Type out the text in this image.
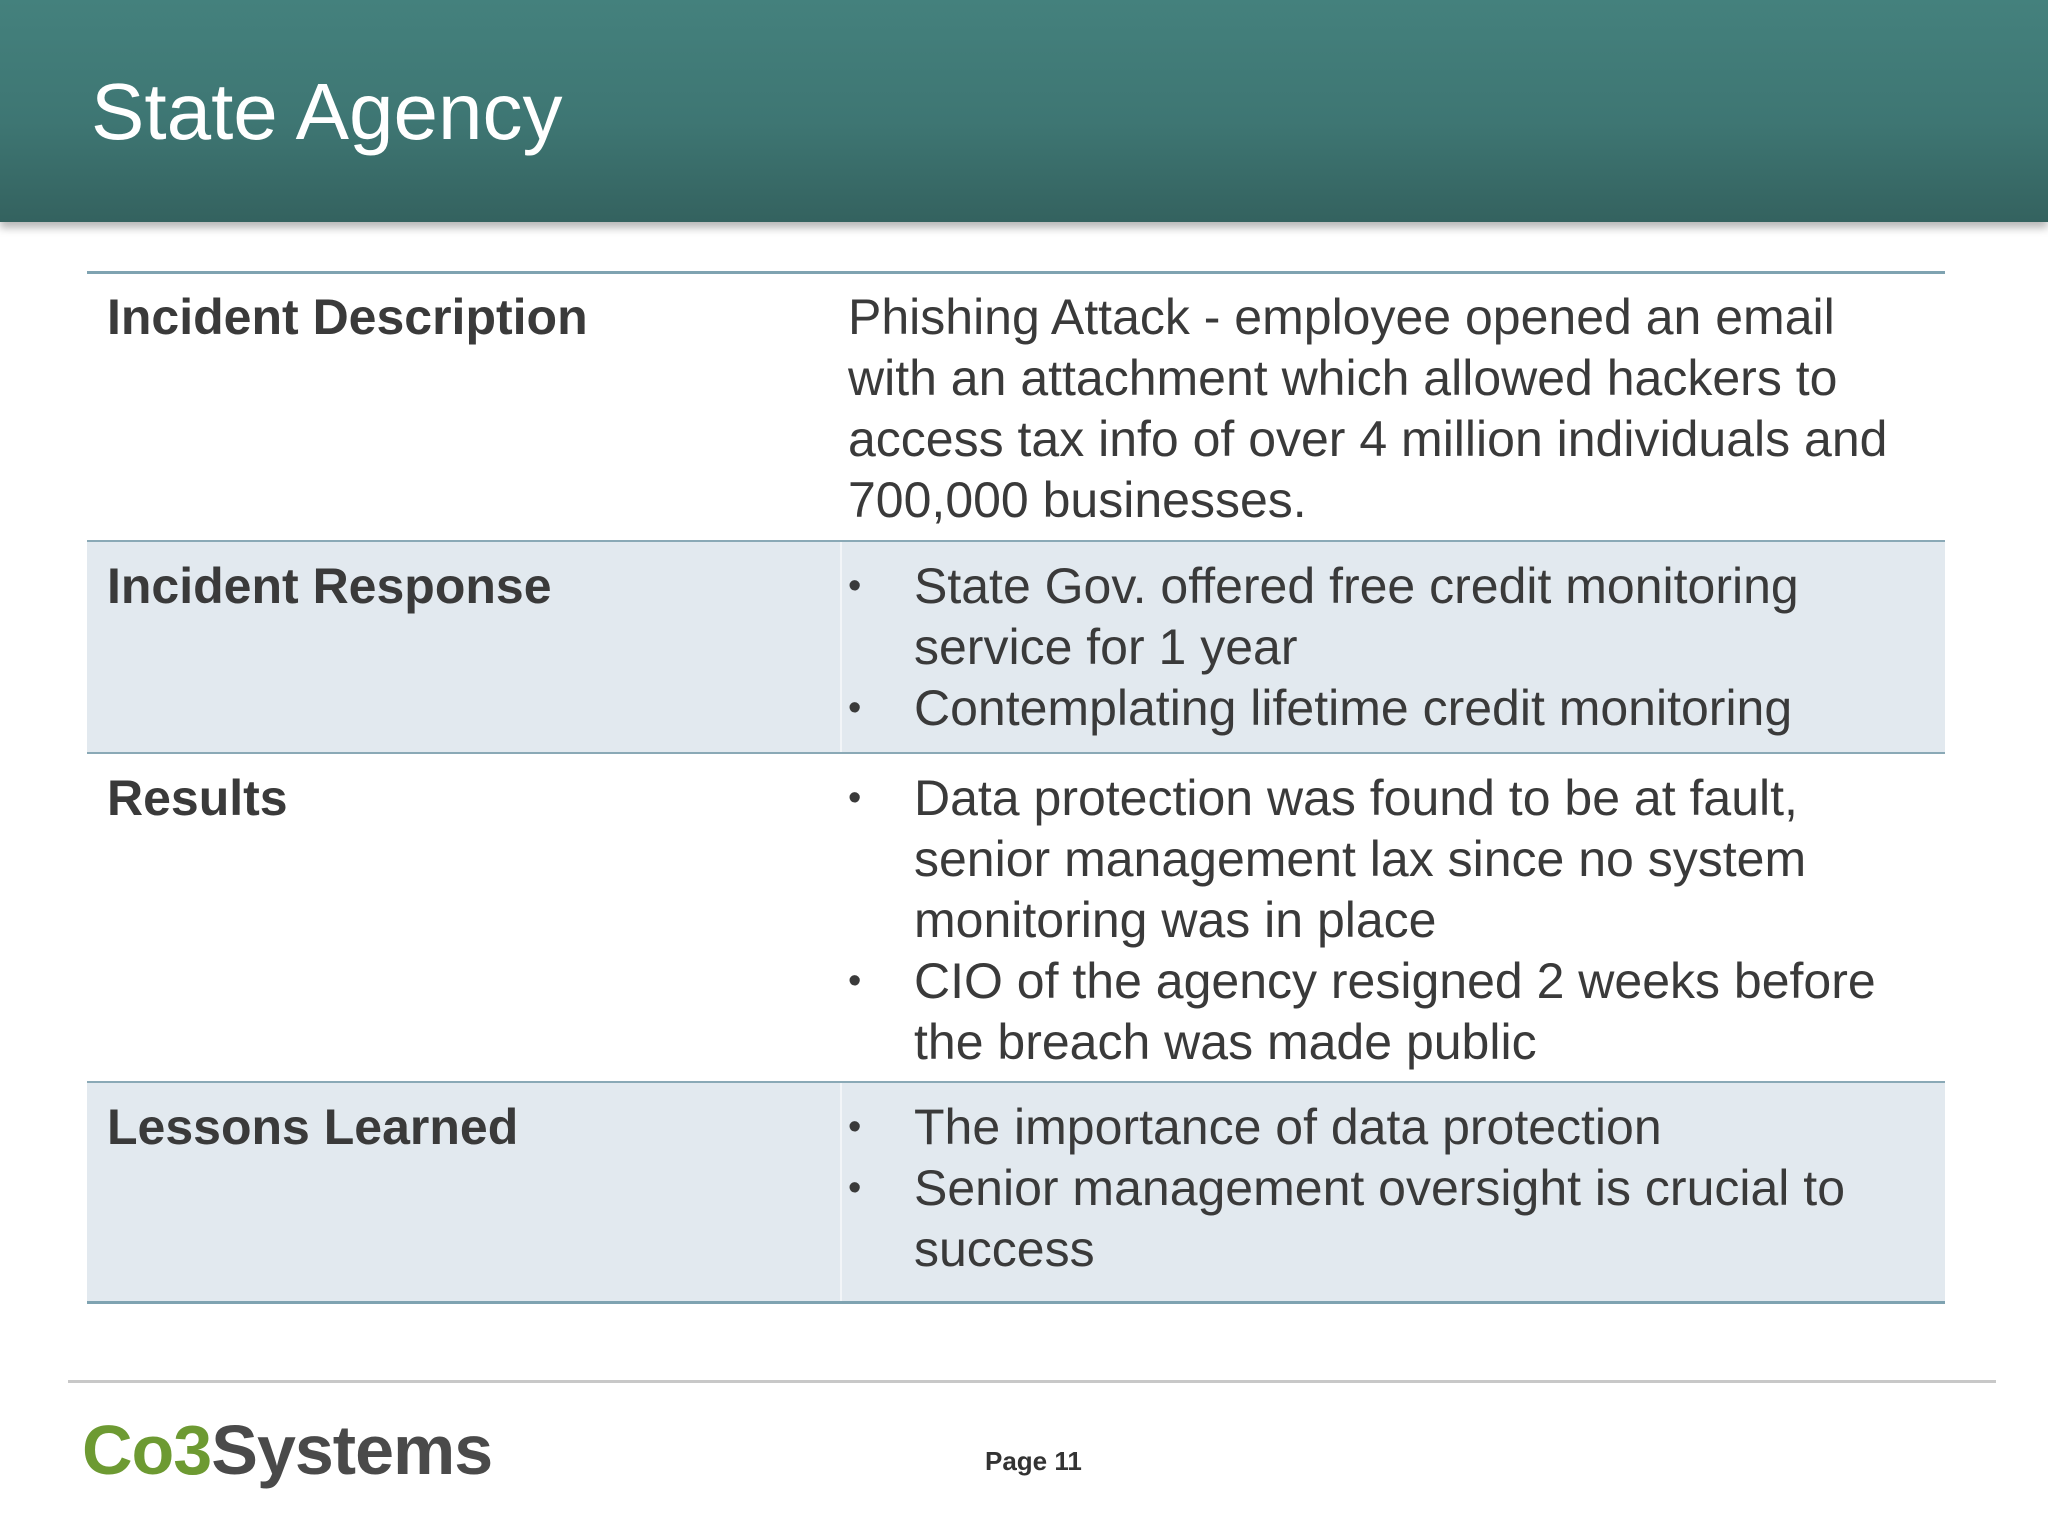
State Agency
Incident Description	Phishing Attack - employee opened an email with an attachment which allowed hackers to access tax info of over 4 million individuals and 700,000 businesses.
Incident Response	•	State Gov. offered free credit monitoring service for 1 year
•	Contemplating lifetime credit monitoring
Results	•	Data protection was found to be at fault, senior management lax since no system monitoring was in place
•	CIO of the agency resigned 2 weeks before the breach was made public
Lessons Learned	•	The importance of data protection
•	Senior management oversight is crucial to success
Co3Systems	Page 11
